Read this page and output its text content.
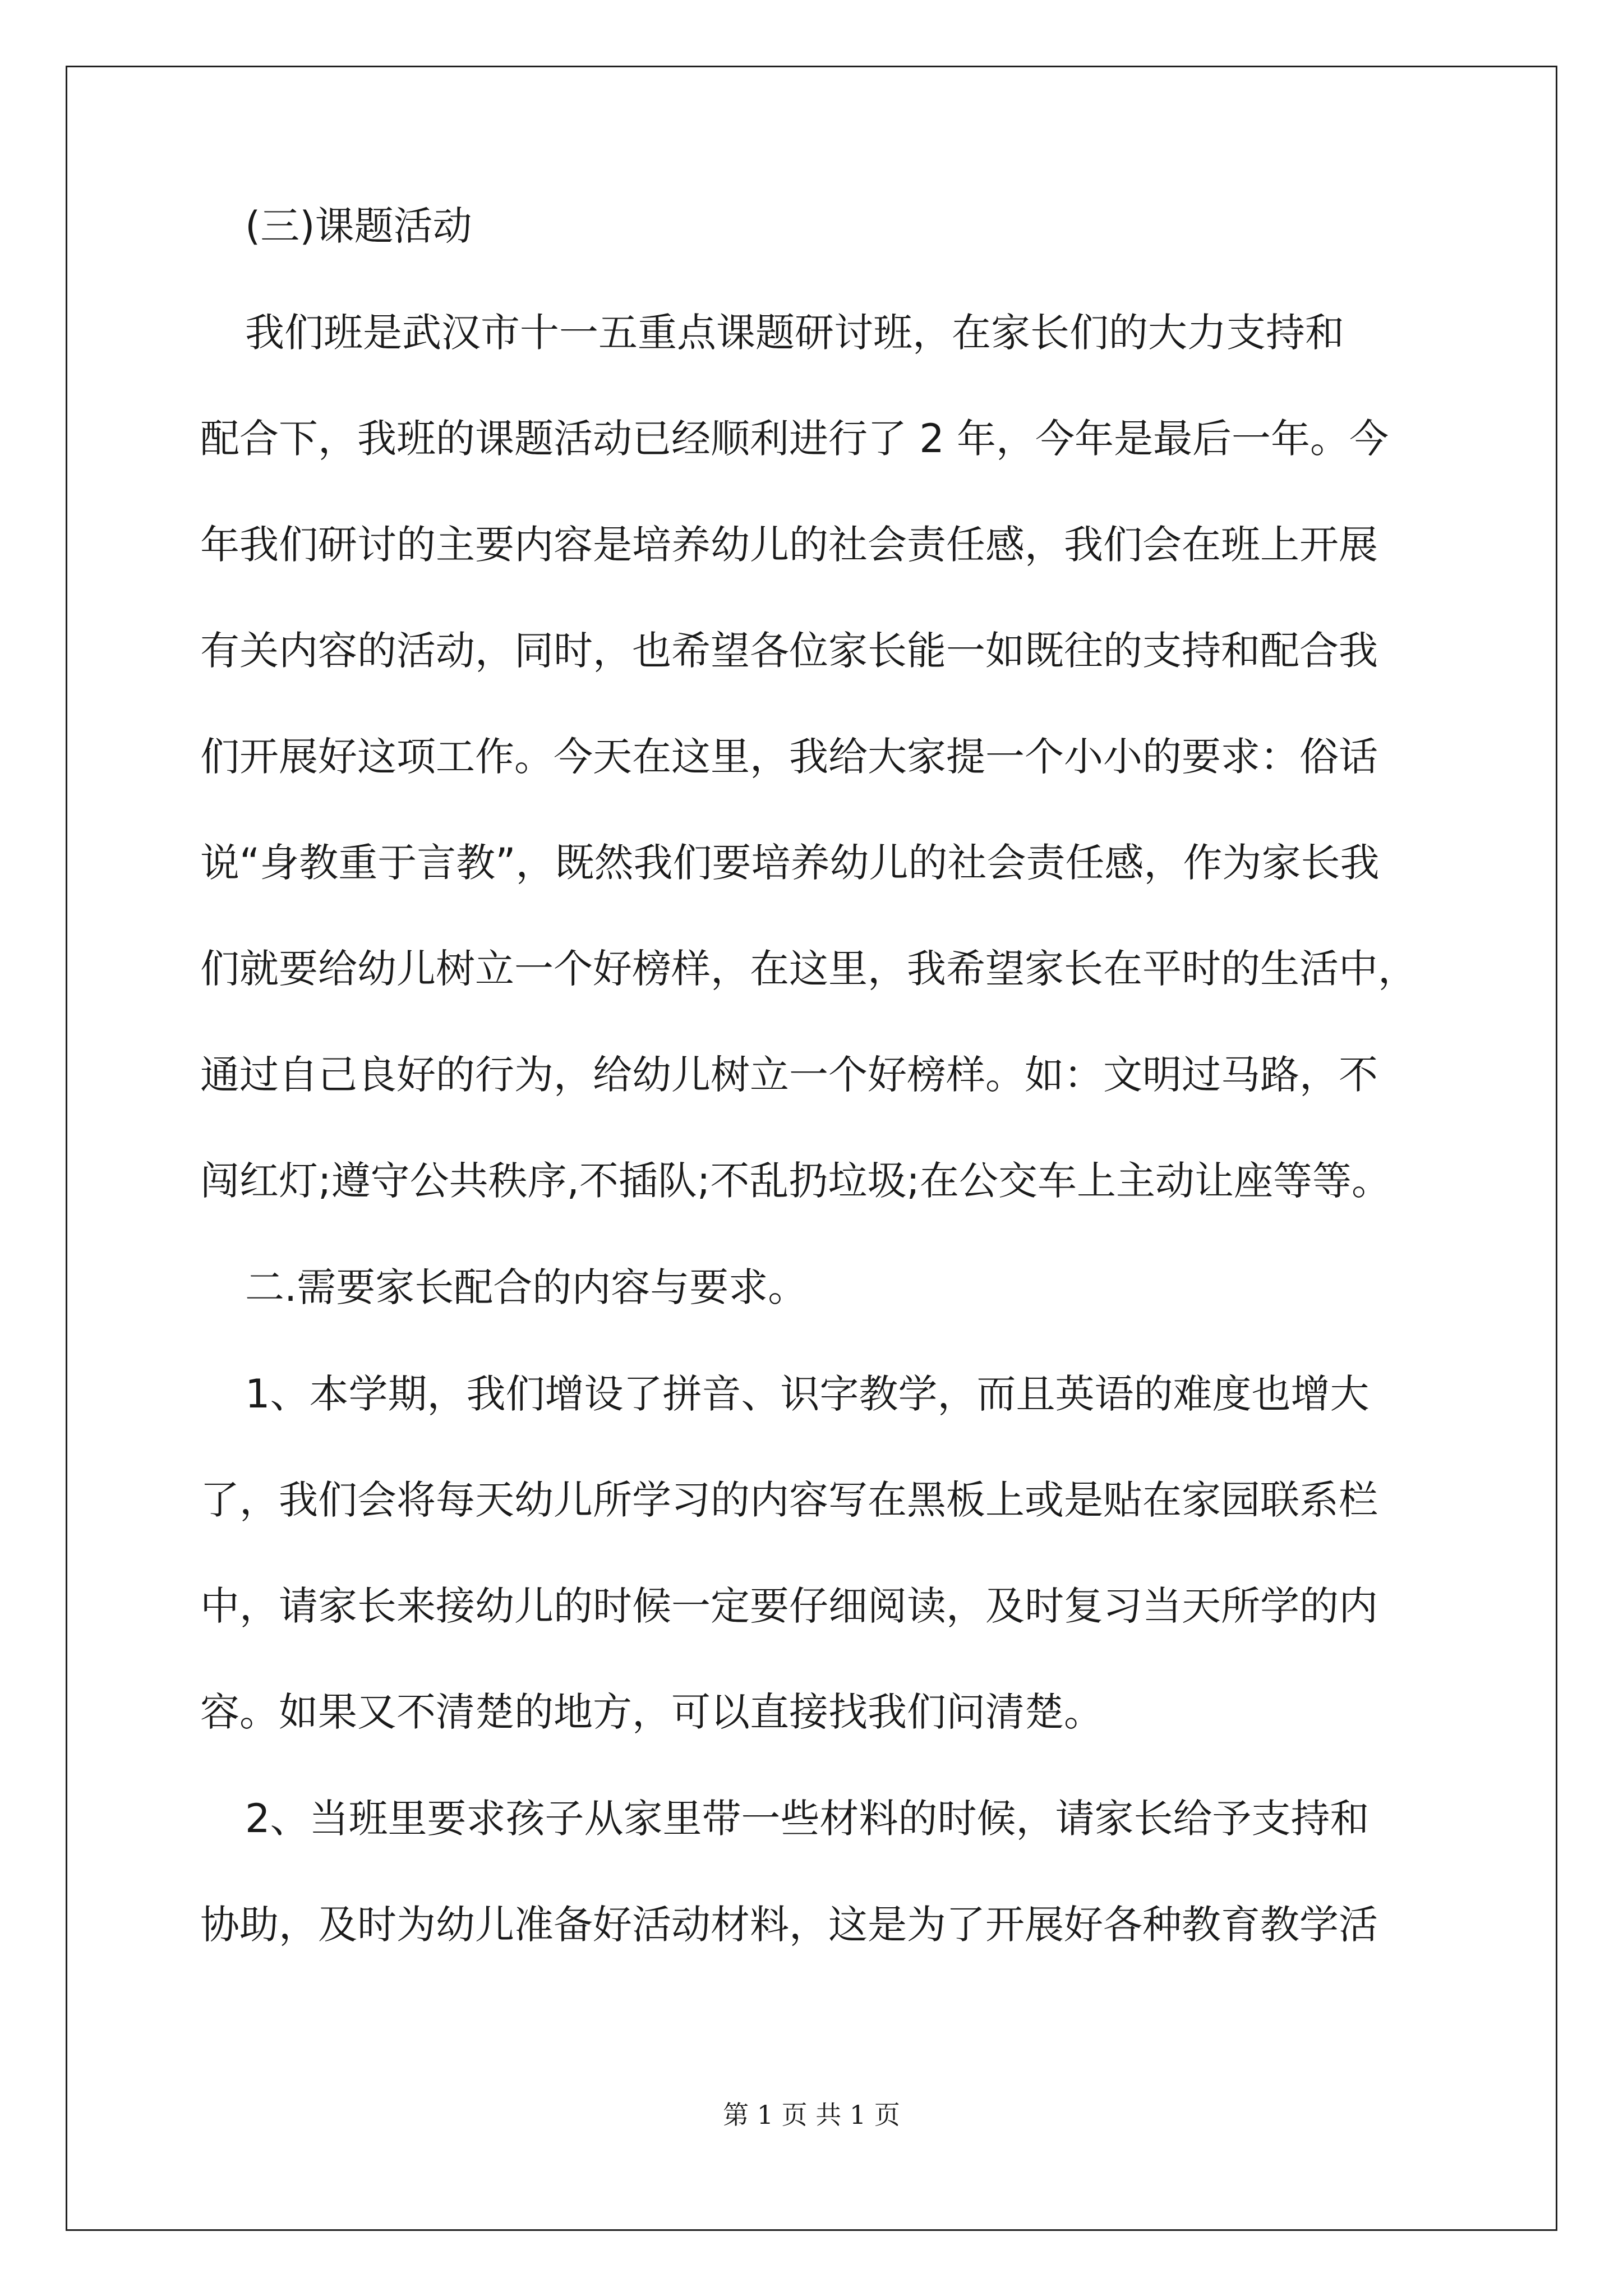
(三)课题活动

我们班是武汉市十一五重点课题研讨班，在家长们的大力支持和

配合下，我班的课题活动已经顺利进行了 2 年，今年是最后一年。今

年我们研讨的主要内容是培养幼儿的社会责任感，我们会在班上开展

有关内容的活动，同时，也希望各位家长能一如既往的支持和配合我

们开展好这项工作。今天在这里，我给大家提一个小小的要求：俗话

说“身教重于言教”，既然我们要培养幼儿的社会责任感，作为家长我

们就要给幼儿树立一个好榜样，在这里，我希望家长在平时的生活中，

通过自己良好的行为，给幼儿树立一个好榜样。如：文明过马路，不

闯红灯;遵守公共秩序,不插队;不乱扔垃圾;在公交车上主动让座等等。

二.需要家长配合的内容与要求。

1、本学期，我们增设了拼音、识字教学，而且英语的难度也增大

了，我们会将每天幼儿所学习的内容写在黑板上或是贴在家园联系栏

中，请家长来接幼儿的时候一定要仔细阅读，及时复习当天所学的内

容。如果又不清楚的地方，可以直接找我们问清楚。

2、当班里要求孩子从家里带一些材料的时候，请家长给予支持和

协助，及时为幼儿准备好活动材料，这是为了开展好各种教育教学活

第 1 页 共 1 页
